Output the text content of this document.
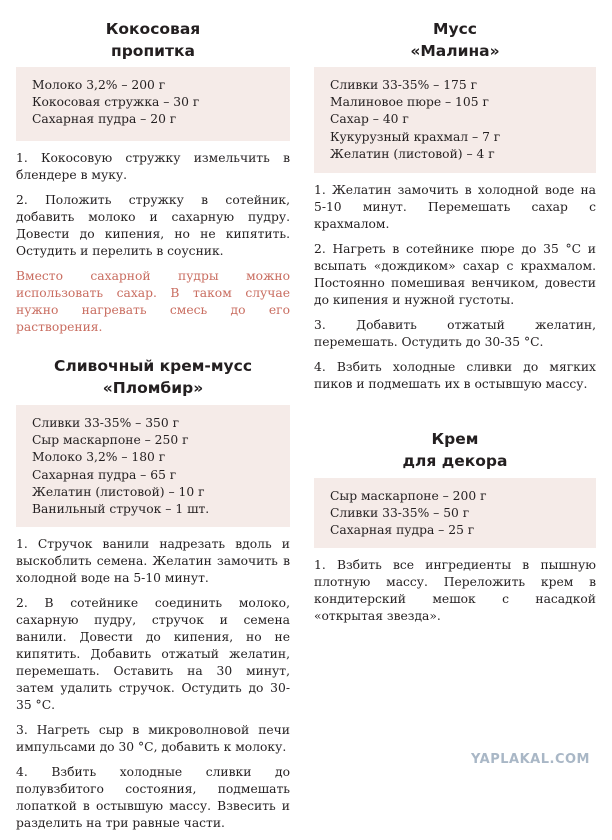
Кокосовая
пропитка
Молоко 3,2% – 200 г
Кокосовая стружка – 30 г
Сахарная пудра – 20 г

1. Кокосовую стружку измельчить в блендере в муку.

2. Положить стружку в сотейник, добавить молоко и сахарную пудру. Довести до кипения, но не кипятить. Остудить и перелить в соусник.

Вместо сахарной пудры можно использовать сахар. В таком случае нужно нагревать смесь до его растворения.

Сливочный крем-мусс
«Пломбир»
Сливки 33-35% – 350 г
Сыр маскарпоне – 250 г
Молоко 3,2% – 180 г
Сахарная пудра – 65 г
Желатин (листовой) – 10 г
Ванильный стручок – 1 шт.

1. Стручок ванили надрезать вдоль и выскоблить семена. Желатин замочить в холодной воде на 5-10 минут.

2. В сотейнике соединить молоко, сахарную пудру, стручок и семена ванили. Довести до кипения, но не кипятить. Добавить отжатый желатин, перемешать. Оставить на 30 минут, затем удалить стручок. Остудить до 30-35 °С.

3. Нагреть сыр в микроволновой печи импульсами до 30 °С, добавить к молоку.

4. Взбить холодные сливки до полувзбитого состояния, подмешать лопаткой в остывшую массу. Взвесить и разделить на три равные части.

Мусс
«Малина»
Сливки 33-35% – 175 г
Малиновое пюре – 105 г
Сахар – 40 г
Кукурузный крахмал – 7 г
Желатин (листовой) – 4 г

1. Желатин замочить в холодной воде на 5-10 минут. Перемешать сахар с крахмалом.

2. Нагреть в сотейнике пюре до 35 °С и всыпать «дождиком» сахар с крахмалом. Постоянно помешивая венчиком, довести до кипения и нужной густоты.

3. Добавить отжатый желатин, перемешать. Остудить до 30-35 °С.

4. Взбить холодные сливки до мягких пиков и подмешать их в остывшую массу.

Крем
для декора
Сыр маскарпоне – 200 г
Сливки 33-35% – 50 г
Сахарная пудра – 25 г

1. Взбить все ингредиенты в пышную плотную массу. Переложить крем в кондитерский мешок с насадкой «открытая звезда».

YAPLAKAL.COM
